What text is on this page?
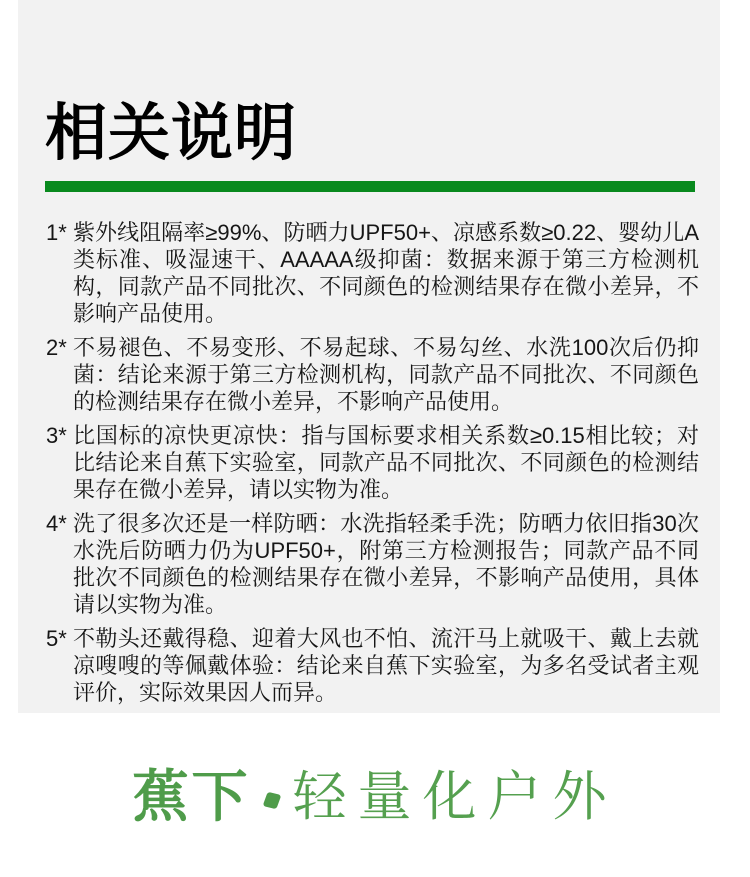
相关说明

1* 紫外线阻隔率≥99%、防晒力UPF50+、凉感系数≥0.22、婴幼儿A类标准、吸湿速干、AAAAA级抑菌：数据来源于第三方检测机构，同款产品不同批次、不同颜色的检测结果存在微小差异，不影响产品使用。

2* 不易褪色、不易变形、不易起球、不易勾丝、水洗100次后仍抑菌：结论来源于第三方检测机构，同款产品不同批次、不同颜色的检测结果存在微小差异，不影响产品使用。

3* 比国标的凉快更凉快：指与国标要求相关系数≥0.15相比较；对比结论来自蕉下实验室，同款产品不同批次、不同颜色的检测结果存在微小差异，请以实物为准。

4* 洗了很多次还是一样防晒：水洗指轻柔手洗；防晒力依旧指30次水洗后防晒力仍为UPF50+，附第三方检测报告；同款产品不同批次不同颜色的检测结果存在微小差异，不影响产品使用，具体请以实物为准。

5* 不勒头还戴得稳、迎着大风也不怕、流汗马上就吸干、戴上去就凉嗖嗖的等佩戴体验：结论来自蕉下实验室，为多名受试者主观评价，实际效果因人而异。

蕉下 轻量化户外
